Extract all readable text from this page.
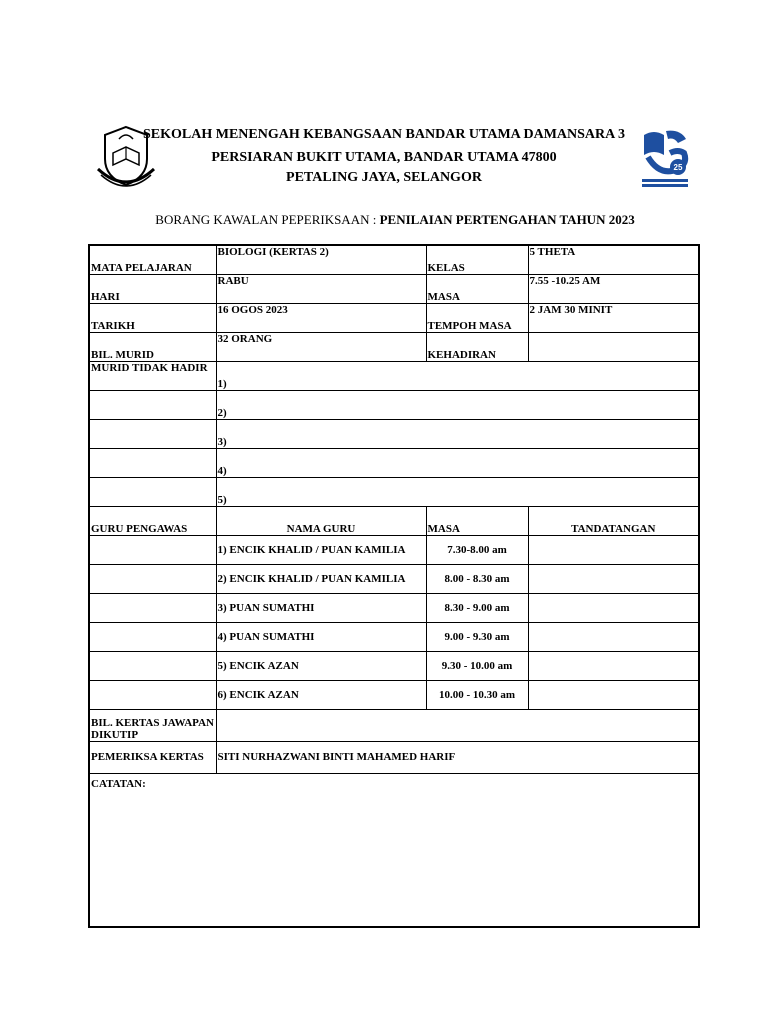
SEKOLAH MENENGAH KEBANGSAAN BANDAR UTAMA DAMANSARA 3
PERSIARAN BUKIT UTAMA, BANDAR UTAMA 47800
PETALING JAYA, SELANGOR
25
BORANG KAWALAN PEPERIKSAAN : PENILAIAN PERTENGAHAN TAHUN 2023
MATA PELAJARAN	BIOLOGI (KERTAS 2)	KELAS	5 THETA
HARI	RABU	MASA	7.55 -10.25 AM
TARIKH	16 OGOS 2023	TEMPOH MASA	2 JAM 30 MINIT
BIL. MURID	32 ORANG	KEHADIRAN	
MURID TIDAK HADIR	1)		
	2)		
	3)		
	4)		
	5)		
GURU PENGAWAS	NAMA GURU	MASA	TANDATANGAN
	1) ENCIK KHALID / PUAN KAMILIA	7.30-8.00 am	
	2) ENCIK KHALID / PUAN KAMILIA	8.00 - 8.30 am	
	3) PUAN SUMATHI	8.30 - 9.00 am	
	4) PUAN SUMATHI	9.00 - 9.30 am	
	5) ENCIK AZAN	9.30 - 10.00 am	
	6) ENCIK AZAN	10.00 - 10.30 am	
BIL. KERTAS JAWAPAN DIKUTIP			
PEMERIKSA KERTAS	SITI NURHAZWANI BINTI MAHAMED HARIF		
CATATAN:			
